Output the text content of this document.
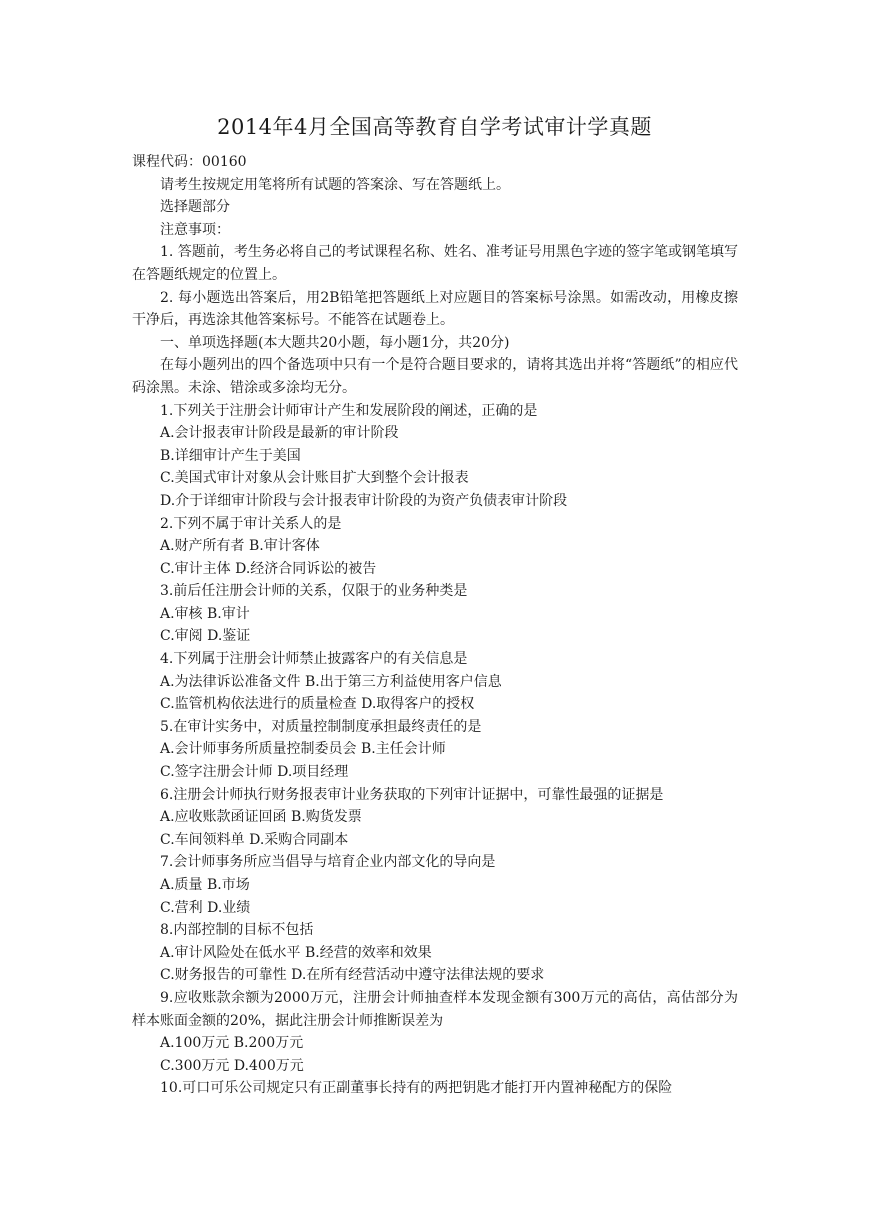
2014年4月全国高等教育自学考试审计学真题

课程代码：00160

请考生按规定用笔将所有试题的答案涂、写在答题纸上。

选择题部分

注意事项：

1. 答题前，考生务必将自己的考试课程名称、姓名、准考证号用黑色字迹的签字笔或钢笔填写在答题纸规定的位置上。

2. 每小题选出答案后，用2B铅笔把答题纸上对应题目的答案标号涂黑。如需改动，用橡皮擦干净后，再选涂其他答案标号。不能答在试题卷上。

一、单项选择题(本大题共20小题，每小题1分，共20分)

在每小题列出的四个备选项中只有一个是符合题目要求的，请将其选出并将“答题纸”的相应代码涂黑。未涂、错涂或多涂均无分。

1.下列关于注册会计师审计产生和发展阶段的阐述，正确的是

A.会计报表审计阶段是最新的审计阶段

B.详细审计产生于美国

C.美国式审计对象从会计账目扩大到整个会计报表

D.介于详细审计阶段与会计报表审计阶段的为资产负债表审计阶段

2.下列不属于审计关系人的是

A.财产所有者 B.审计客体

C.审计主体 D.经济合同诉讼的被告

3.前后任注册会计师的关系，仅限于的业务种类是

A.审核 B.审计

C.审阅 D.鉴证

4.下列属于注册会计师禁止披露客户的有关信息是

A.为法律诉讼准备文件 B.出于第三方利益使用客户信息

C.监管机构依法进行的质量检查 D.取得客户的授权

5.在审计实务中，对质量控制制度承担最终责任的是

A.会计师事务所质量控制委员会 B.主任会计师

C.签字注册会计师 D.项目经理

6.注册会计师执行财务报表审计业务获取的下列审计证据中，可靠性最强的证据是

A.应收账款函证回函 B.购货发票

C.车间领料单 D.采购合同副本

7.会计师事务所应当倡导与培育企业内部文化的导向是

A.质量 B.市场

C.营利 D.业绩

8.内部控制的目标不包括

A.审计风险处在低水平 B.经营的效率和效果

C.财务报告的可靠性 D.在所有经营活动中遵守法律法规的要求

9.应收账款余额为2000万元，注册会计师抽查样本发现金额有300万元的高估，高估部分为样本账面金额的20%，据此注册会计师推断误差为

A.100万元 B.200万元

C.300万元 D.400万元

10.可口可乐公司规定只有正副董事长持有的两把钥匙才能打开内置神秘配方的保险
